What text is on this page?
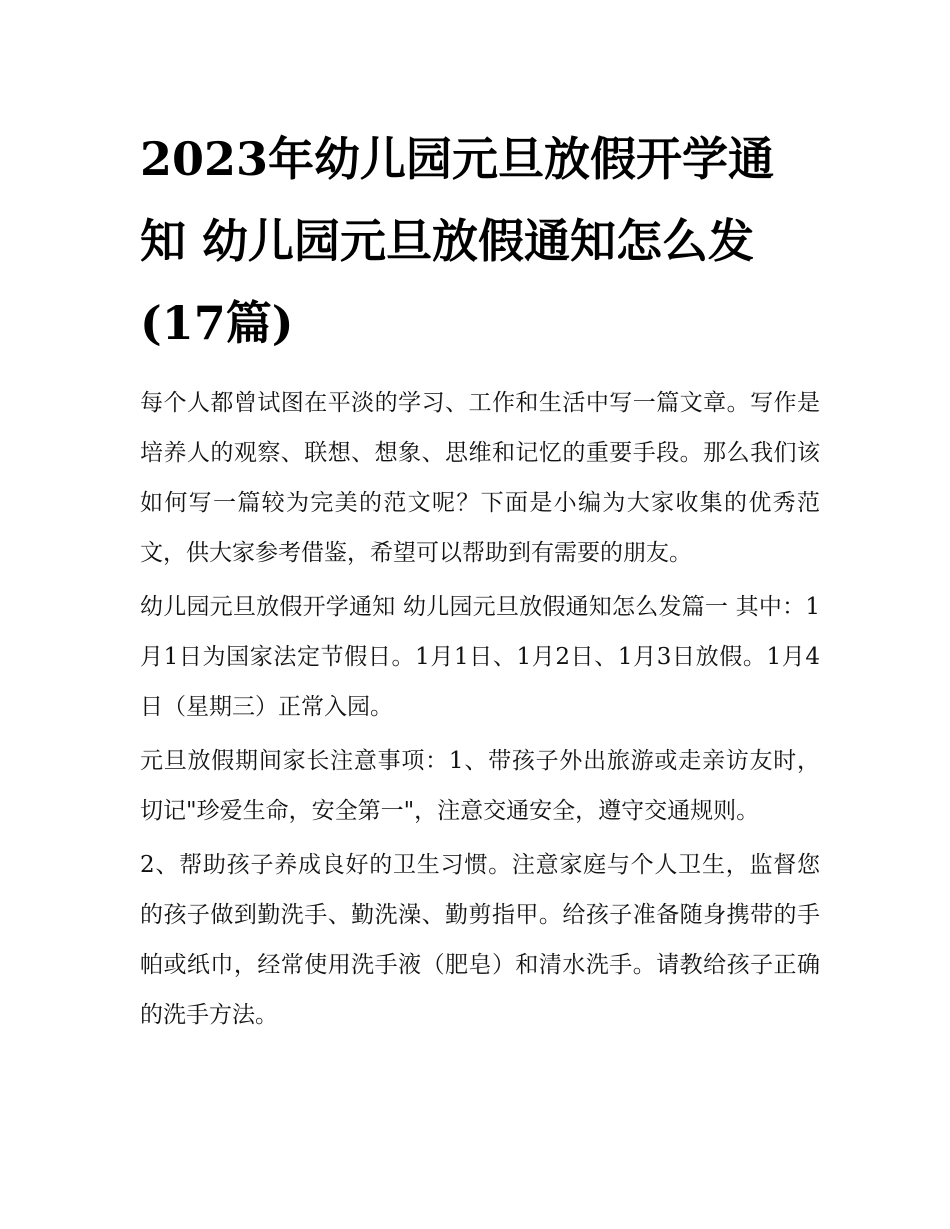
2023年幼儿园元旦放假开学通知 幼儿园元旦放假通知怎么发(17篇)

每个人都曾试图在平淡的学习、工作和生活中写一篇文章。写作是培养人的观察、联想、想象、思维和记忆的重要手段。那么我们该如何写一篇较为完美的范文呢？下面是小编为大家收集的优秀范文，供大家参考借鉴，希望可以帮助到有需要的朋友。

幼儿园元旦放假开学通知 幼儿园元旦放假通知怎么发篇一 其中：1月1日为国家法定节假日。1月1日、1月2日、1月3日放假。1月4日（星期三）正常入园。

元旦放假期间家长注意事项：1、带孩子外出旅游或走亲访友时，切记"珍爱生命，安全第一"，注意交通安全，遵守交通规则。

2、帮助孩子养成良好的卫生习惯。注意家庭与个人卫生，监督您的孩子做到勤洗手、勤洗澡、勤剪指甲。给孩子准备随身携带的手帕或纸巾，经常使用洗手液（肥皂）和清水洗手。请教给孩子正确的洗手方法。
